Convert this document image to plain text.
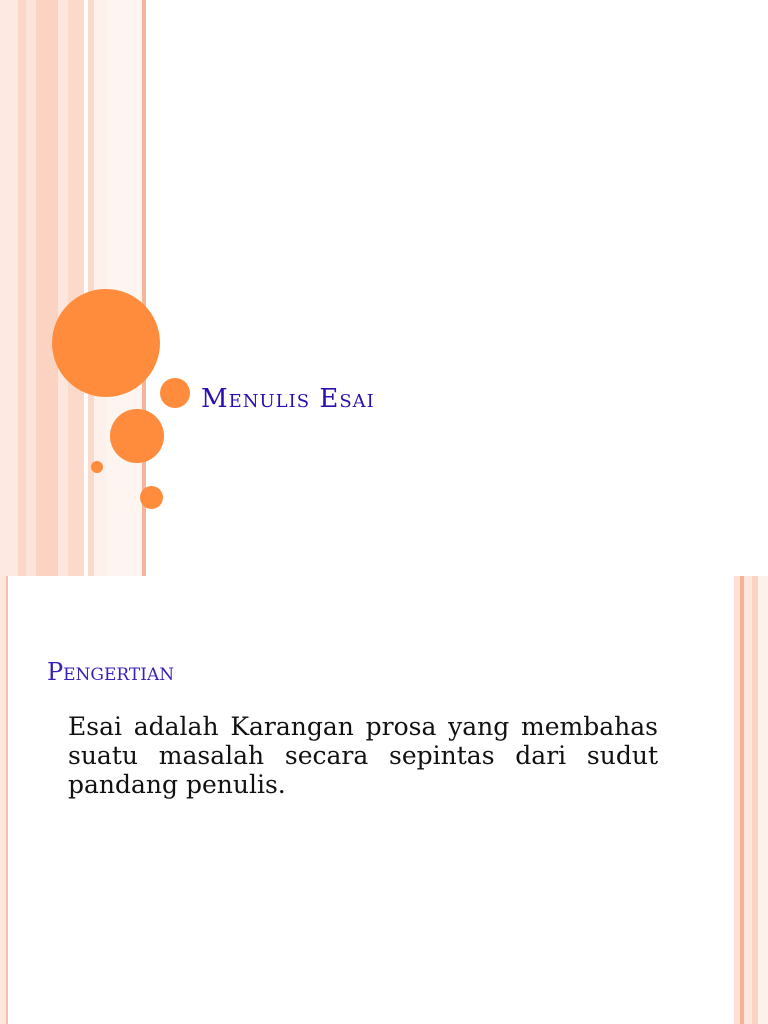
Menulis Esai
Pengertian

Esai adalah Karangan prosa yang membahas suatu masalah secara sepintas dari sudut pandang penulis.
